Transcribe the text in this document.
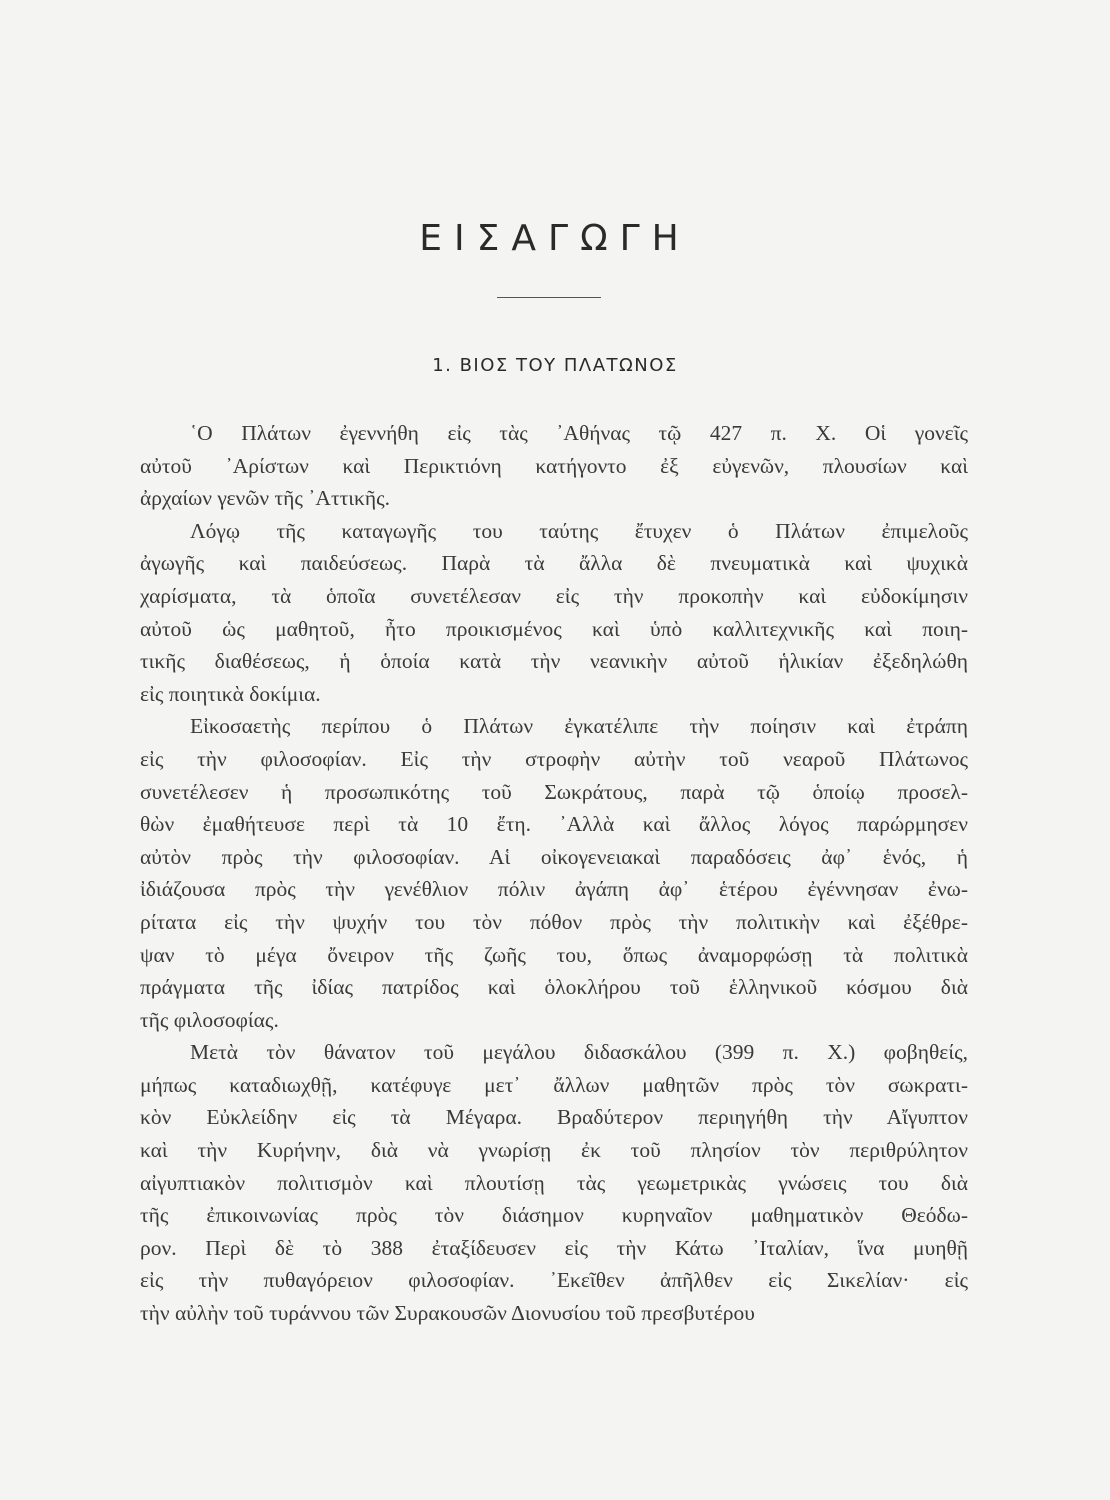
ΕΙΣΑΓΩΓΗ
1. ΒΙΟΣ ΤΟΥ ΠΛΑΤΩΝΟΣ
῾Ο Πλάτων ἐγεννήθη εἰς τὰς ᾿Αθήνας τῷ 427 π. Χ. Οἱ γονεῖς
αὐτοῦ ᾿Αρίστων καὶ Περικτιόνη κατήγοντο ἐξ εὐγενῶν, πλουσίων καὶ
ἀρχαίων γενῶν τῆς ᾿Αττικῆς.
Λόγῳ τῆς καταγωγῆς του ταύτης ἔτυχεν ὁ Πλάτων ἐπιμελοῦς
ἀγωγῆς καὶ παιδεύσεως. Παρὰ τὰ ἄλλα δὲ πνευματικὰ καὶ ψυχικὰ
χαρίσματα, τὰ ὁποῖα συνετέλεσαν εἰς τὴν προκοπὴν καὶ εὐδοκίμησιν
αὐτοῦ ὡς μαθητοῦ, ἦτο προικισμένος καὶ ὑπὸ καλλιτεχνικῆς καὶ ποιη-
τικῆς διαθέσεως, ἡ ὁποία κατὰ τὴν νεανικὴν αὐτοῦ ἡλικίαν ἐξεδηλώθη
εἰς ποιητικὰ δοκίμια.
Εἰκοσαετὴς περίπου ὁ Πλάτων ἐγκατέλιπε τὴν ποίησιν καὶ ἐτράπη
εἰς τὴν φιλοσοφίαν. Εἰς τὴν στροφὴν αὐτὴν τοῦ νεαροῦ Πλάτωνος
συνετέλεσεν ἡ προσωπικότης τοῦ Σωκράτους, παρὰ τῷ ὁποίῳ προσελ-
θὼν ἐμαθήτευσε περὶ τὰ 10 ἔτη. ᾿Αλλὰ καὶ ἄλλος λόγος παρώρμησεν
αὐτὸν πρὸς τὴν φιλοσοφίαν. Αἱ οἰκογενειακαὶ παραδόσεις ἀφ᾿ ἑνός, ἡ
ἰδιάζουσα πρὸς τὴν γενέθλιον πόλιν ἀγάπη ἀφ᾿ ἑτέρου ἐγέννησαν ἐνω-
ρίτατα εἰς τὴν ψυχήν του τὸν πόθον πρὸς τὴν πολιτικὴν καὶ ἐξέθρε-
ψαν τὸ μέγα ὄνειρον τῆς ζωῆς του, ὅπως ἀναμορφώσῃ τὰ πολιτικὰ
πράγματα τῆς ἰδίας πατρίδος καὶ ὁλοκλήρου τοῦ ἑλληνικοῦ κόσμου διὰ
τῆς φιλοσοφίας.
Μετὰ τὸν θάνατον τοῦ μεγάλου διδασκάλου (399 π. Χ.) φοβηθείς,
μήπως καταδιωχθῇ, κατέφυγε μετ᾿ ἄλλων μαθητῶν πρὸς τὸν σωκρατι-
κὸν Εὐκλείδην εἰς τὰ Μέγαρα. Βραδύτερον περιηγήθη τὴν Αἴγυπτον
καὶ τὴν Κυρήνην, διὰ νὰ γνωρίσῃ ἐκ τοῦ πλησίον τὸν περιθρύλητον
αἰγυπτιακὸν πολιτισμὸν καὶ πλουτίσῃ τὰς γεωμετρικὰς γνώσεις του διὰ
τῆς ἐπικοινωνίας πρὸς τὸν διάσημον κυρηναῖον μαθηματικὸν Θεόδω-
ρον. Περὶ δὲ τὸ 388 ἐταξίδευσεν εἰς τὴν Κάτω ᾿Ιταλίαν, ἵνα μυηθῇ
εἰς τὴν πυθαγόρειον φιλοσοφίαν. ᾿Εκεῖθεν ἀπῆλθεν εἰς Σικελίαν· εἰς
τὴν αὐλὴν τοῦ τυράννου τῶν Συρακουσῶν Διονυσίου τοῦ πρεσβυτέρου
